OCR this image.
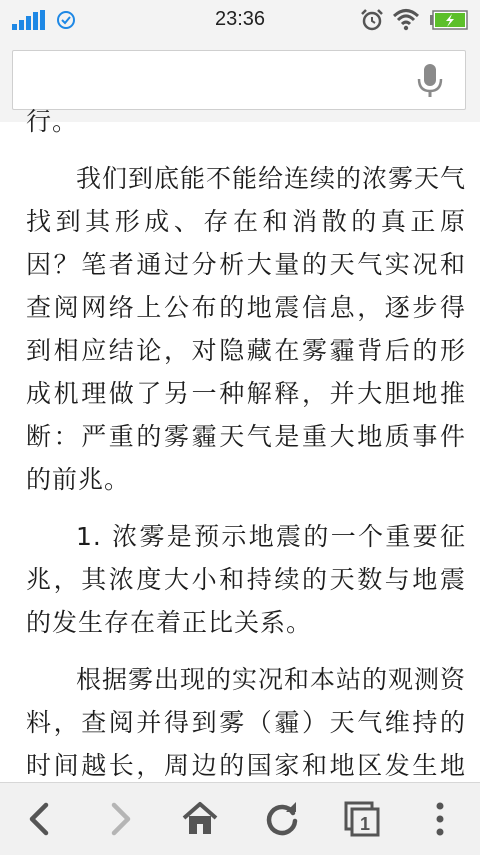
23:36

行。

我们到底能不能给连续的浓雾天气找到其形成、存在和消散的真正原因？笔者通过分析大量的天气实况和查阅网络上公布的地震信息，逐步得到相应结论，对隐藏在雾霾背后的形成机理做了另一种解释，并大胆地推断：严重的雾霾天气是重大地质事件的前兆。

1. 浓雾是预示地震的一个重要征兆，其浓度大小和持续的天数与地震的发生存在着正比关系。

根据雾出现的实况和本站的观测资料，查阅并得到雾（霾）天气维持的时间越长，周边的国家和地区发生地

1
